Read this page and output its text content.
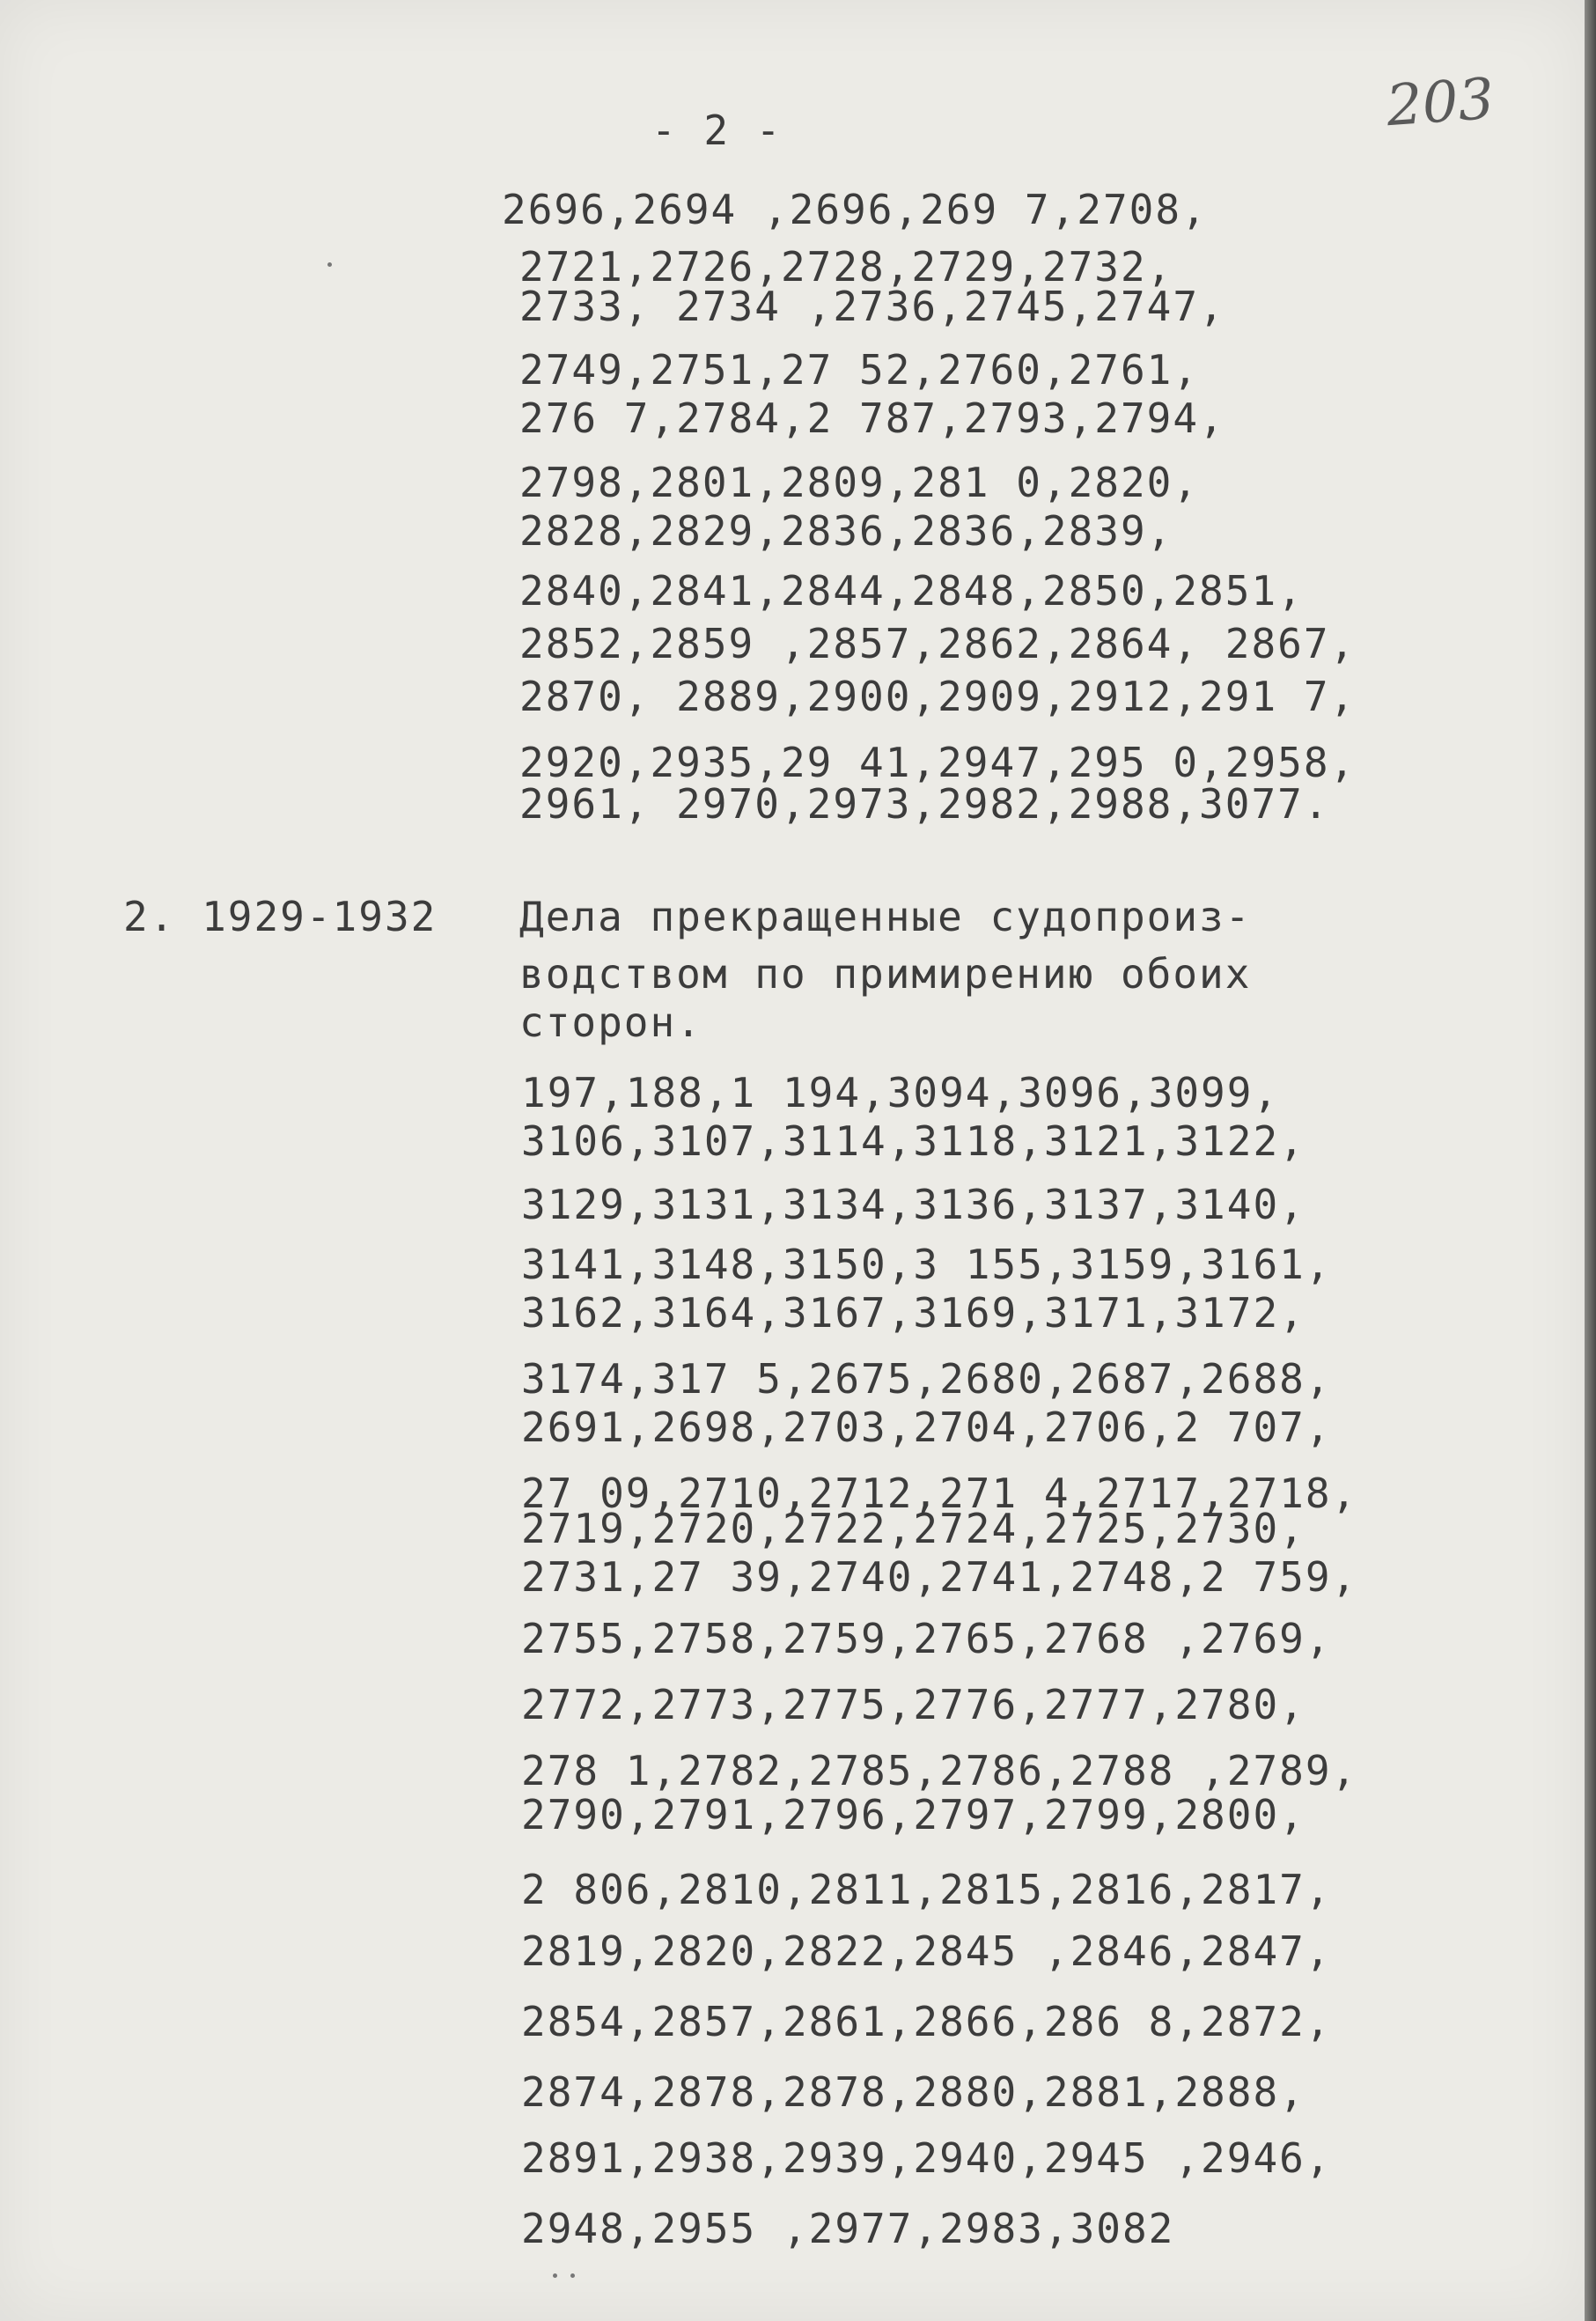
203
- 2 -
2696,2694 ,2696,269 7,2708,
2721,2726,2728,2729,2732,
2733, 2734 ,2736,2745,2747,
2749,2751,27 52,2760,2761,
276 7,2784,2 787,2793,2794,
2798,2801,2809,281 0,2820,
2828,2829,2836,2836,2839,
2840,2841,2844,2848,2850,2851,
2852,2859 ,2857,2862,2864, 2867,
2870, 2889,2900,2909,2912,291 7,
2920,2935,29 41,2947,295 0,2958,
2961, 2970,2973,2982,2988,3077.
2. 1929-1932 Дела прекращенные судопроиз-
водством по примирению обоих
сторон.
197,188,1 194,3094,3096,3099,
3106,3107,3114,3118,3121,3122,
3129,3131,3134,3136,3137,3140,
3141,3148,3150,3 155,3159,3161,
3162,3164,3167,3169,3171,3172,
3174,317 5,2675,2680,2687,2688,
2691,2698,2703,2704,2706,2 707,
27 09,2710,2712,271 4,2717,2718,
2719,2720,2722,2724,2725,2730,
2731,27 39,2740,2741,2748,2 759,
2755,2758,2759,2765,2768 ,2769,
2772,2773,2775,2776,2777,2780,
278 1,2782,2785,2786,2788 ,2789,
2790,2791,2796,2797,2799,2800,
2 806,2810,2811,2815,2816,2817,
2819,2820,2822,2845 ,2846,2847,
2854,2857,2861,2866,286 8,2872,
2874,2878,2878,2880,2881,2888,
2891,2938,2939,2940,2945 ,2946,
2948,2955 ,2977,2983,3082
